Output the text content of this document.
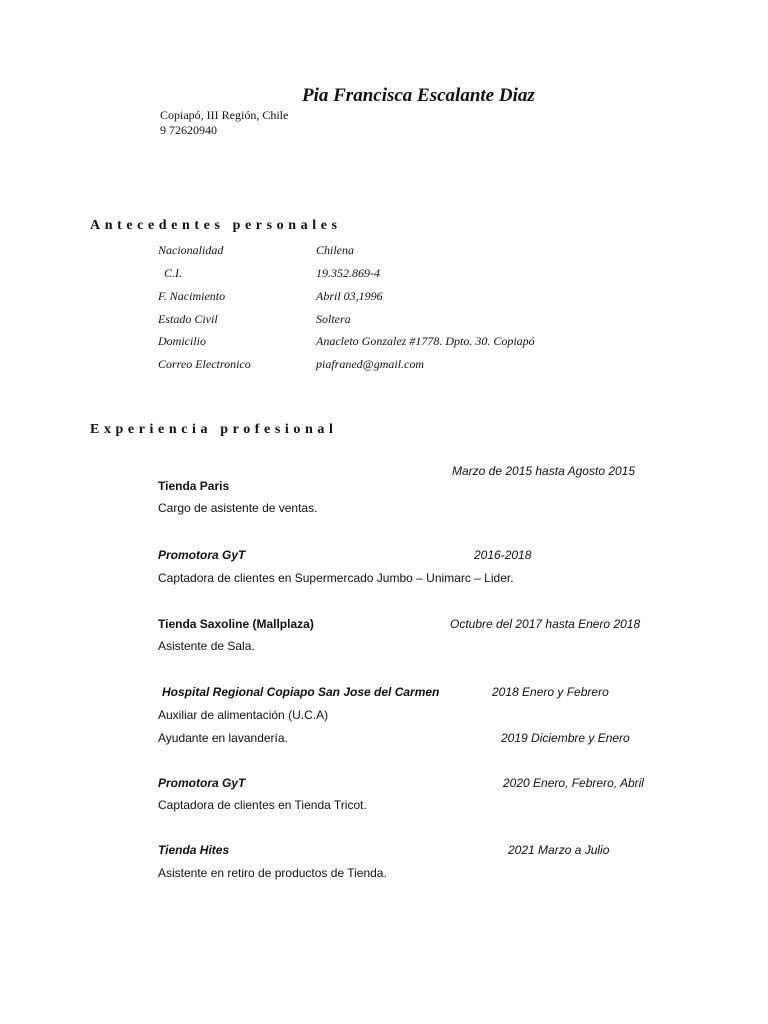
Pia Francisca Escalante Diaz
Copiapó, III Región, Chile
9 72620940
Antecedentes personales
Nacionalidad	Chilena
C.I.	19.352.869-4
F. Nacimiento	Abril 03,1996
Estado Civil	Soltera
Domicilio	Anacleto Gonzalez #1778. Dpto. 30. Copiapó
Correo Electronico	piafraned@gmail.com
Experiencia profesional
Marzo de 2015 hasta Agosto 2015
Tienda Paris
Cargo de asistente de ventas.
Promotora GyT	2016-2018
Captadora de clientes en Supermercado Jumbo – Unimarc – Lider.
Tienda Saxoline (Mallplaza)	Octubre del 2017 hasta Enero 2018
Asistente de Sala.
Hospital Regional Copiapo San Jose del Carmen	2018 Enero y Febrero
Auxiliar de alimentación (U.C.A)
Ayudante en lavandería.	2019 Diciembre y Enero
Promotora GyT	2020 Enero, Febrero, Abril
Captadora de clientes en Tienda Tricot.
Tienda Hites	2021 Marzo a Julio
Asistente en retiro de productos de Tienda.
